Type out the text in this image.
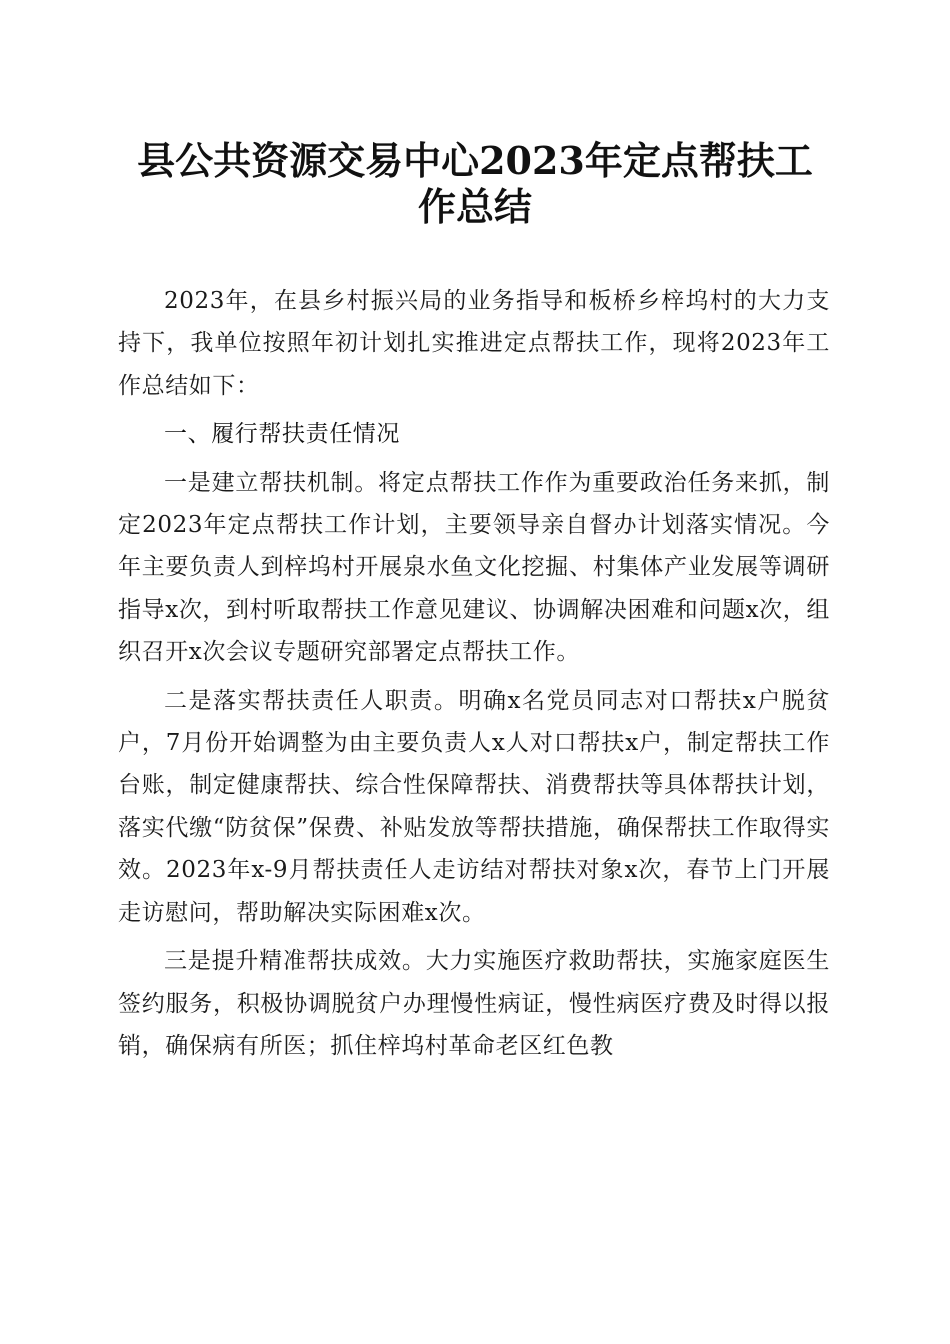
县公共资源交易中心2023年定点帮扶工作总结

2023年，在县乡村振兴局的业务指导和板桥乡梓坞村的大力支持下，我单位按照年初计划扎实推进定点帮扶工作，现将2023年工作总结如下：

一、履行帮扶责任情况

一是建立帮扶机制。将定点帮扶工作作为重要政治任务来抓，制定2023年定点帮扶工作计划，主要领导亲自督办计划落实情况。今年主要负责人到梓坞村开展泉水鱼文化挖掘、村集体产业发展等调研指导x次，到村听取帮扶工作意见建议、协调解决困难和问题x次，组织召开x次会议专题研究部署定点帮扶工作。

二是落实帮扶责任人职责。明确x名党员同志对口帮扶x户脱贫户，7月份开始调整为由主要负责人x人对口帮扶x户，制定帮扶工作台账，制定健康帮扶、综合性保障帮扶、消费帮扶等具体帮扶计划，落实代缴“防贫保”保费、补贴发放等帮扶措施，确保帮扶工作取得实效。2023年x-9月帮扶责任人走访结对帮扶对象x次，春节上门开展走访慰问，帮助解决实际困难x次。

三是提升精准帮扶成效。大力实施医疗救助帮扶，实施家庭医生签约服务，积极协调脱贫户办理慢性病证，慢性病医疗费及时得以报销，确保病有所医；抓住梓坞村革命老区红色教
